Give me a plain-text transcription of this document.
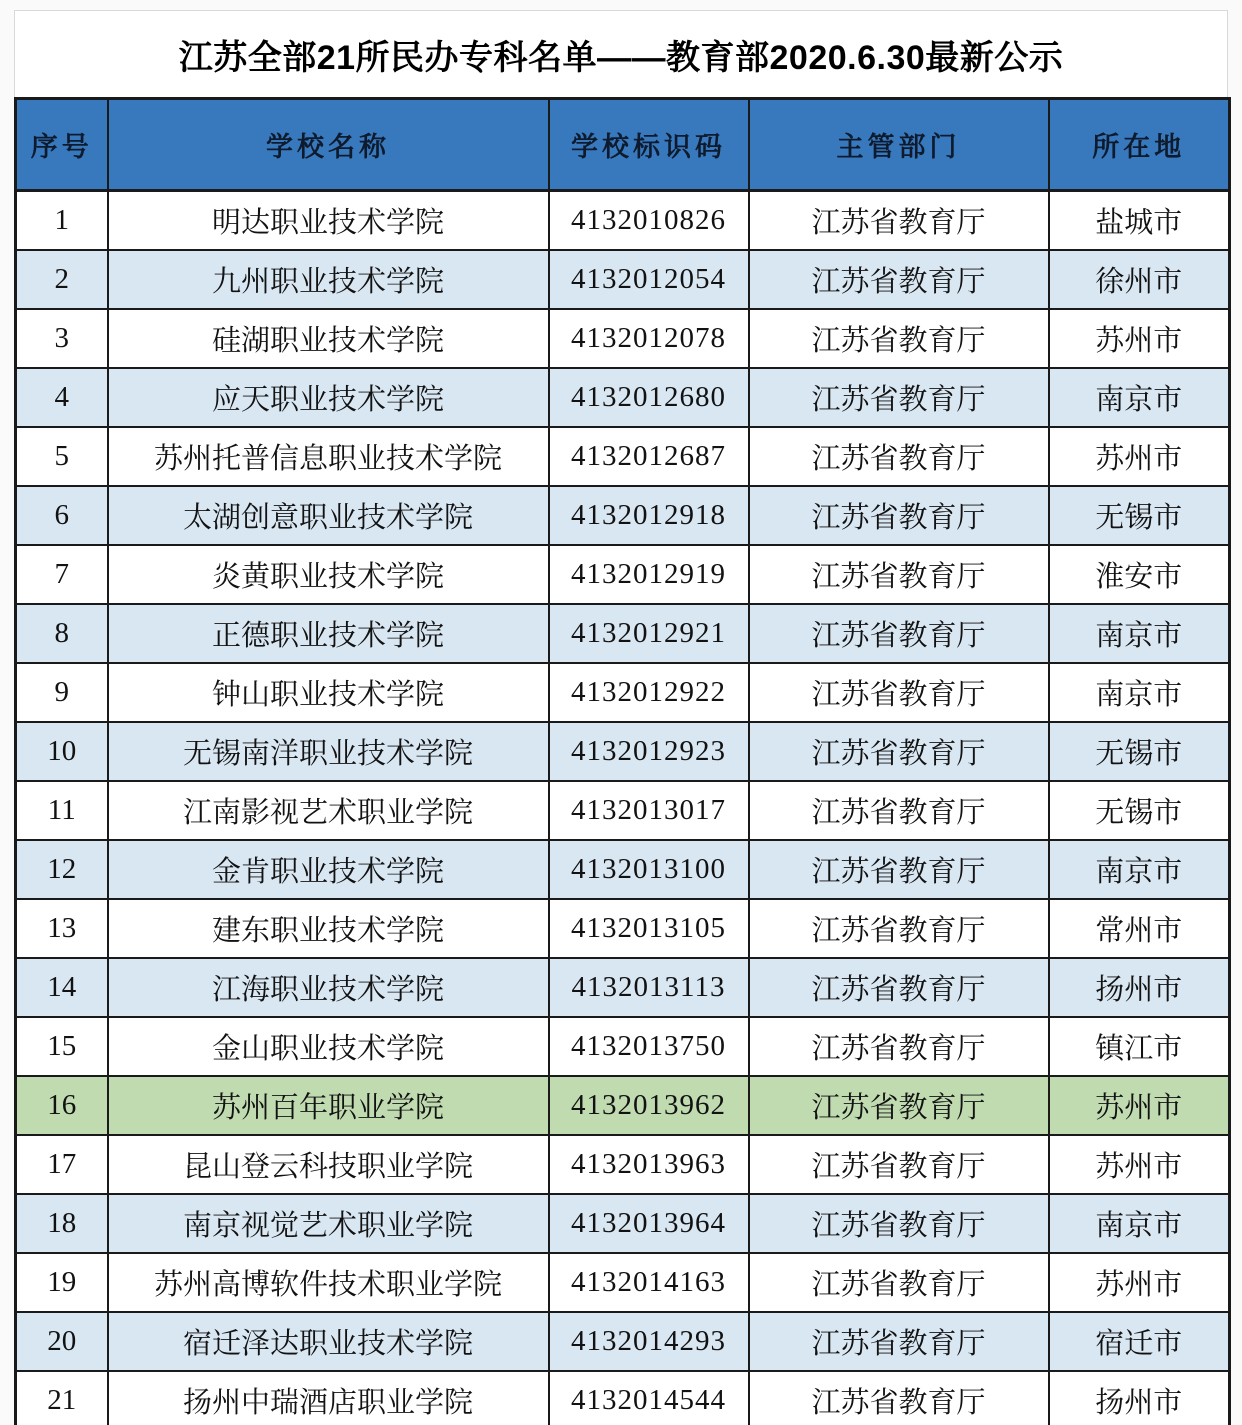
江苏全部21所民办专科名单——教育部2020.6.30最新公示
序号	学校名称	学校标识码	主管部门	所在地
1	明达职业技术学院	4132010826	江苏省教育厅	盐城市
2	九州职业技术学院	4132012054	江苏省教育厅	徐州市
3	硅湖职业技术学院	4132012078	江苏省教育厅	苏州市
4	应天职业技术学院	4132012680	江苏省教育厅	南京市
5	苏州托普信息职业技术学院	4132012687	江苏省教育厅	苏州市
6	太湖创意职业技术学院	4132012918	江苏省教育厅	无锡市
7	炎黄职业技术学院	4132012919	江苏省教育厅	淮安市
8	正德职业技术学院	4132012921	江苏省教育厅	南京市
9	钟山职业技术学院	4132012922	江苏省教育厅	南京市
10	无锡南洋职业技术学院	4132012923	江苏省教育厅	无锡市
11	江南影视艺术职业学院	4132013017	江苏省教育厅	无锡市
12	金肯职业技术学院	4132013100	江苏省教育厅	南京市
13	建东职业技术学院	4132013105	江苏省教育厅	常州市
14	江海职业技术学院	4132013113	江苏省教育厅	扬州市
15	金山职业技术学院	4132013750	江苏省教育厅	镇江市
16	苏州百年职业学院	4132013962	江苏省教育厅	苏州市
17	昆山登云科技职业学院	4132013963	江苏省教育厅	苏州市
18	南京视觉艺术职业学院	4132013964	江苏省教育厅	南京市
19	苏州高博软件技术职业学院	4132014163	江苏省教育厅	苏州市
20	宿迁泽达职业技术学院	4132014293	江苏省教育厅	宿迁市
21	扬州中瑞酒店职业学院	4132014544	江苏省教育厅	扬州市
